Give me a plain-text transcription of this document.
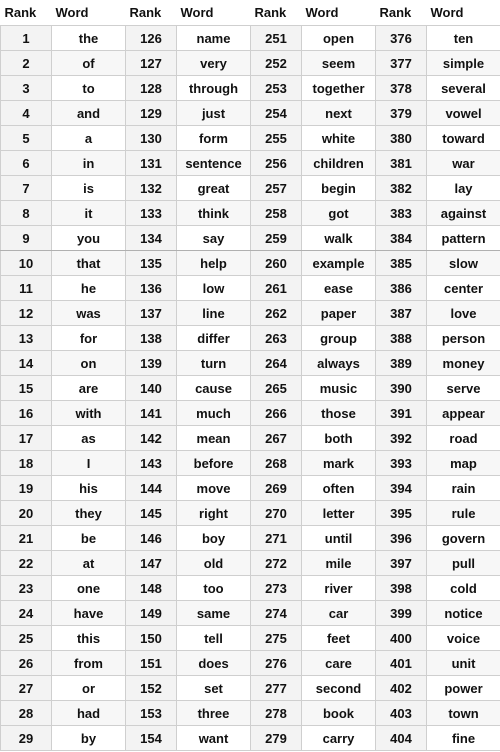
Rank	Word	Rank	Word	Rank	Word	Rank	Word
1	the	126	name	251	open	376	ten
2	of	127	very	252	seem	377	simple
3	to	128	through	253	together	378	several
4	and	129	just	254	next	379	vowel
5	a	130	form	255	white	380	toward
6	in	131	sentence	256	children	381	war
7	is	132	great	257	begin	382	lay
8	it	133	think	258	got	383	against
9	you	134	say	259	walk	384	pattern
10	that	135	help	260	example	385	slow
11	he	136	low	261	ease	386	center
12	was	137	line	262	paper	387	love
13	for	138	differ	263	group	388	person
14	on	139	turn	264	always	389	money
15	are	140	cause	265	music	390	serve
16	with	141	much	266	those	391	appear
17	as	142	mean	267	both	392	road
18	I	143	before	268	mark	393	map
19	his	144	move	269	often	394	rain
20	they	145	right	270	letter	395	rule
21	be	146	boy	271	until	396	govern
22	at	147	old	272	mile	397	pull
23	one	148	too	273	river	398	cold
24	have	149	same	274	car	399	notice
25	this	150	tell	275	feet	400	voice
26	from	151	does	276	care	401	unit
27	or	152	set	277	second	402	power
28	had	153	three	278	book	403	town
29	by	154	want	279	carry	404	fine
